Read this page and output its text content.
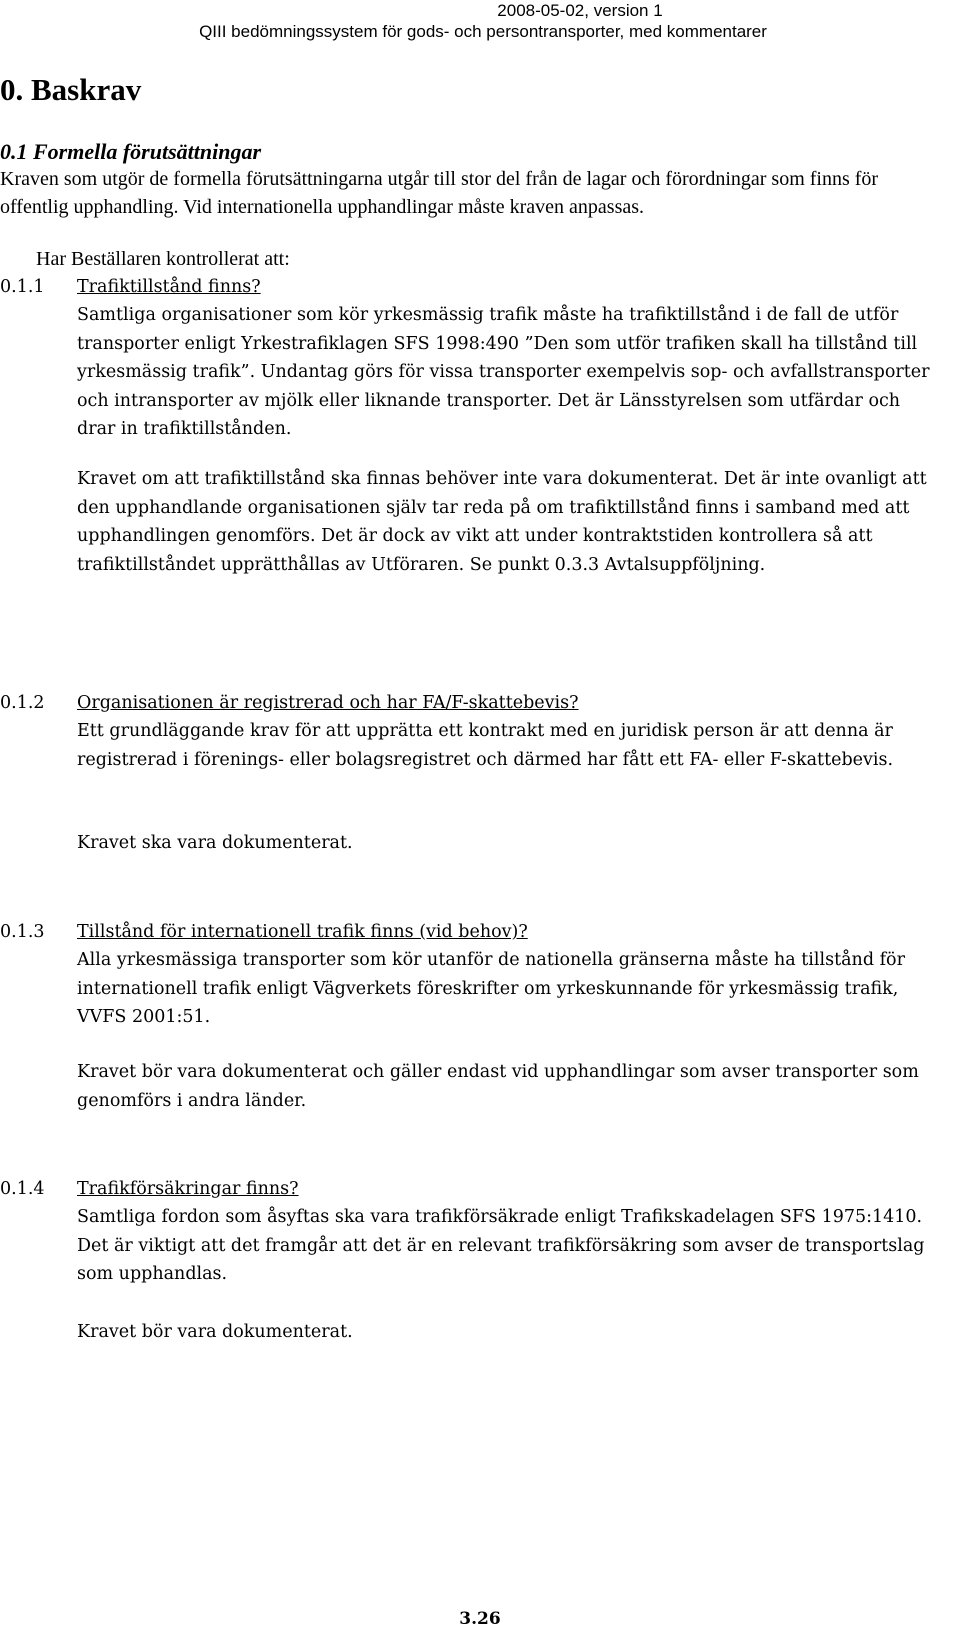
2008-05-02, version 1
QIII bedömningssystem för gods- och persontransporter, med kommentarer
0. Baskrav
0.1 Formella förutsättningar
Kraven som utgör de formella förutsättningarna utgår till stor del från de lagar och förordningar som finns för offentlig upphandling. Vid internationella upphandlingar måste kraven anpassas.
Har Beställaren kontrollerat att:
0.1.1 Trafiktillstånd finns?
Samtliga organisationer som kör yrkesmässig trafik måste ha trafiktillstånd i de fall de utför transporter enligt Yrkestrafiklagen SFS 1998:490 ”Den som utför trafiken skall ha tillstånd till yrkesmässig trafik”. Undantag görs för vissa transporter exempelvis sop- och avfallstransporter och intransporter av mjölk eller liknande transporter. Det är Länsstyrelsen som utfärdar och drar in trafiktillstånden.
Kravet om att trafiktillstånd ska finnas behöver inte vara dokumenterat. Det är inte ovanligt att den upphandlande organisationen själv tar reda på om trafiktillstånd finns i samband med att upphandlingen genomförs. Det är dock av vikt att under kontraktstiden kontrollera så att trafiktillståndet upprätthållas av Utföraren. Se punkt 0.3.3 Avtalsuppföljning.
0.1.2 Organisationen är registrerad och har FA/F-skattebevis?
Ett grundläggande krav för att upprätta ett kontrakt med en juridisk person är att denna är registrerad i förenings- eller bolagsregistret och därmed har fått ett FA- eller F-skattebevis.
Kravet ska vara dokumenterat.
0.1.3 Tillstånd för internationell trafik finns (vid behov)?
Alla yrkesmässiga transporter som kör utanför de nationella gränserna måste ha tillstånd för internationell trafik enligt Vägverkets föreskrifter om yrkeskunnande för yrkesmässig trafik, VVFS 2001:51.
Kravet bör vara dokumenterat och gäller endast vid upphandlingar som avser transporter som genomförs i andra länder.
0.1.4 Trafikförsäkringar finns?
Samtliga fordon som åsyftas ska vara trafikförsäkrade enligt Trafikskadelagen SFS 1975:1410. Det är viktigt att det framgår att det är en relevant trafikförsäkring som avser de transportslag som upphandlas.
Kravet bör vara dokumenterat.
3.26
